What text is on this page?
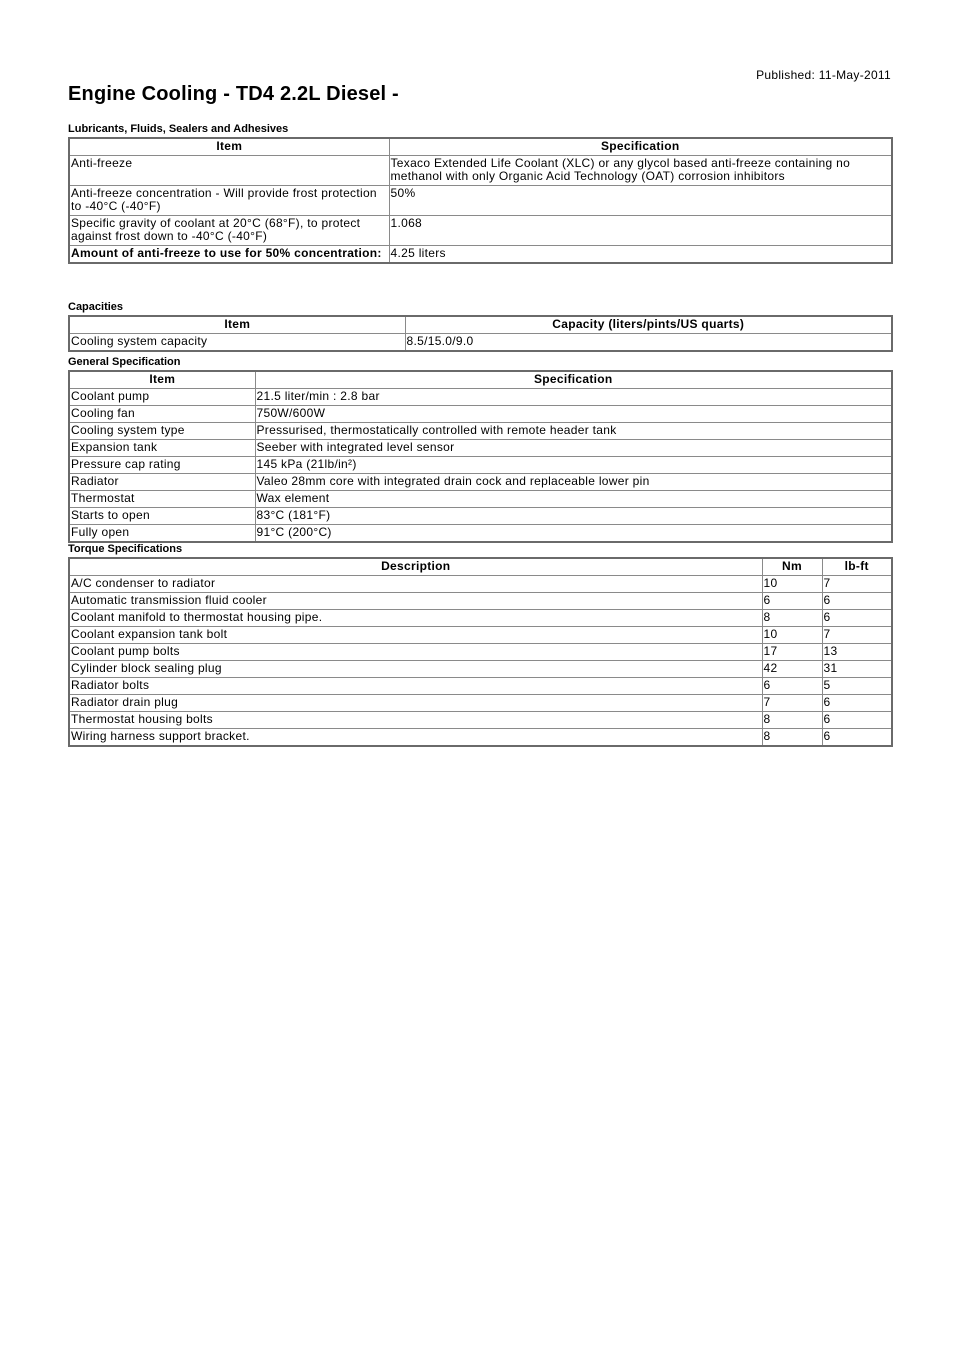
Published: 11-May-2011
Engine Cooling - TD4 2.2L Diesel -
Lubricants, Fluids, Sealers and Adhesives
Item	Specification
Anti-freeze	Texaco Extended Life Coolant (XLC) or any glycol based anti-freeze containing no methanol with only Organic Acid Technology (OAT) corrosion inhibitors
Anti-freeze concentration - Will provide frost protection to -40°C (-40°F)	50%
Specific gravity of coolant at 20°C (68°F), to protect against frost down to -40°C (-40°F)	1.068
Amount of anti-freeze to use for 50% concentration:	4.25 liters
Capacities
Item	Capacity (liters/pints/US quarts)
Cooling system capacity	8.5/15.0/9.0
General Specification
Item	Specification
Coolant pump	21.5 liter/min : 2.8 bar
Cooling fan	750W/600W
Cooling system type	Pressurised, thermostatically controlled with remote header tank
Expansion tank	Seeber with integrated level sensor
Pressure cap rating	145 kPa (21lb/in²)
Radiator	Valeo 28mm core with integrated drain cock and replaceable lower pin
Thermostat	Wax element
Starts to open	83°C (181°F)
Fully open	91°C (200°C)
Torque Specifications
Description	Nm	lb-ft
A/C condenser to radiator	10	7
Automatic transmission fluid cooler	6	6
Coolant manifold to thermostat housing pipe.	8	6
Coolant expansion tank bolt	10	7
Coolant pump bolts	17	13
Cylinder block sealing plug	42	31
Radiator bolts	6	5
Radiator drain plug	7	6
Thermostat housing bolts	8	6
Wiring harness support bracket.	8	6
